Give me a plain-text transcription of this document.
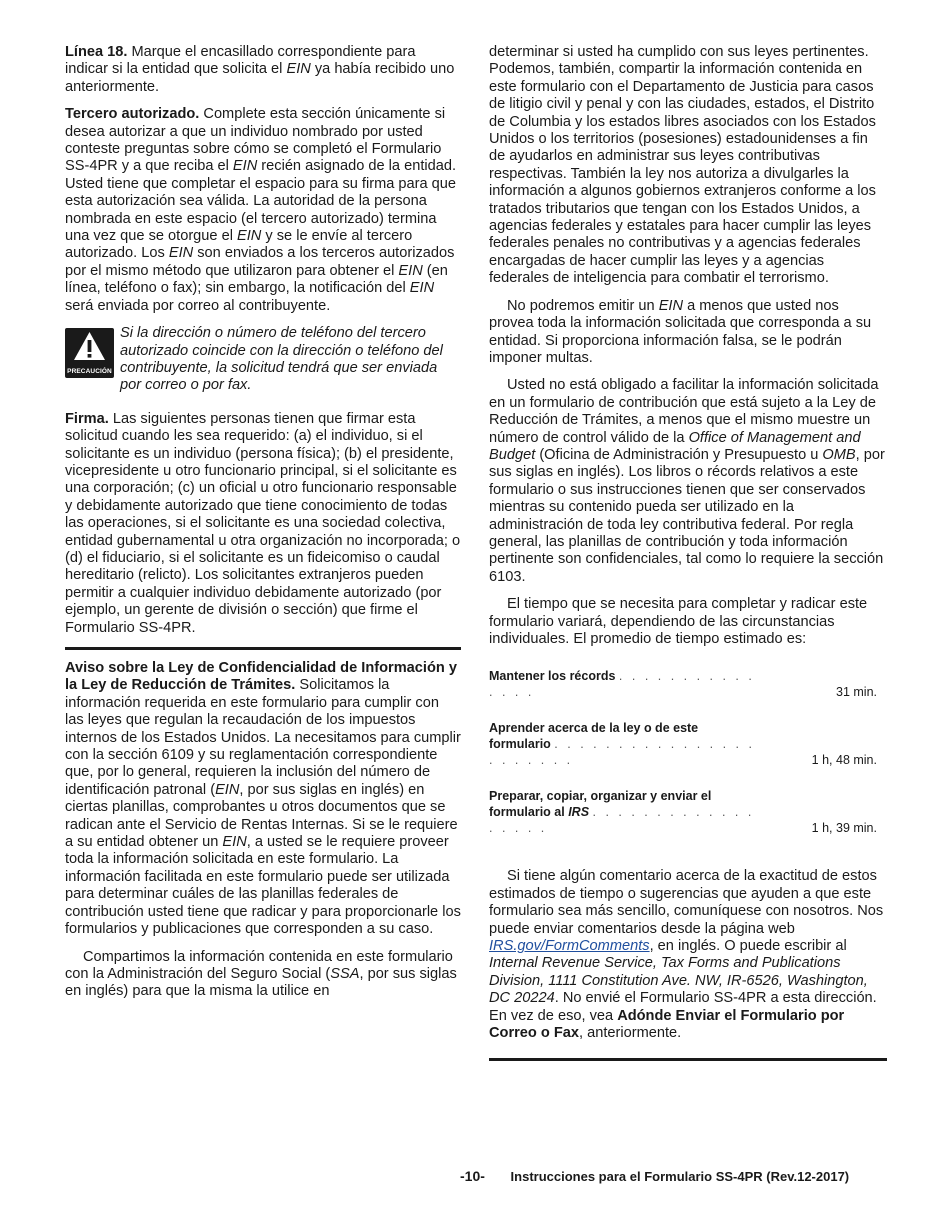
Línea 18. Marque el encasillado correspondiente para indicar si la entidad que solicita el EIN ya había recibido uno anteriormente.

Tercero autorizado. Complete esta sección únicamente si desea autorizar a que un individuo nombrado por usted conteste preguntas sobre cómo se completó el Formulario SS-4PR y a que reciba el EIN recién asignado de la entidad. Usted tiene que completar el espacio para su firma para que esta autorización sea válida. La autoridad de la persona nombrada en este espacio (el tercero autorizado) termina una vez que se otorgue el EIN y se le envíe al tercero autorizado. Los EIN son enviados a los terceros autorizados por el mismo método que utilizaron para obtener el EIN (en línea, teléfono o fax); sin embargo, la notificación del EIN será enviada por correo al contribuyente.

PRECAUCIÓN
Si la dirección o número de teléfono del tercero autorizado coincide con la dirección o teléfono del contribuyente, la solicitud tendrá que ser enviada por correo o por fax.

Firma. Las siguientes personas tienen que firmar esta solicitud cuando les sea requerido: (a) el individuo, si el solicitante es un individuo (persona física); (b) el presidente, vicepresidente u otro funcionario principal, si el solicitante es una corporación; (c) un oficial u otro funcionario responsable y debidamente autorizado que tiene conocimiento de todas las operaciones, si el solicitante es una sociedad colectiva, entidad gubernamental u otra organización no incorporada; o (d) el fiduciario, si el solicitante es un fideicomiso o caudal hereditario (relicto). Los solicitantes extranjeros pueden permitir a cualquier individuo debidamente autorizado (por ejemplo, un gerente de división o sección) que firme el Formulario SS-4PR.

Aviso sobre la Ley de Confidencialidad de Información y la Ley de Reducción de Trámites. Solicitamos la información requerida en este formulario para cumplir con las leyes que regulan la recaudación de los impuestos internos de los Estados Unidos. La necesitamos para cumplir con la sección 6109 y su reglamentación correspondiente que, por lo general, requieren la inclusión del número de identificación patronal (EIN, por sus siglas en inglés) en ciertas planillas, comprobantes u otros documentos que se radican ante el Servicio de Rentas Internas. Si se le requiere a su entidad obtener un EIN, a usted se le requiere proveer toda la información solicitada en este formulario. La información facilitada en este formulario puede ser utilizada para determinar cuáles de las planillas federales de contribución usted tiene que radicar y para proporcionarle los formularios y publicaciones que corresponden a su caso.

Compartimos la información contenida en este formulario con la Administración del Seguro Social (SSA, por sus siglas en inglés) para que la misma la utilice en

determinar si usted ha cumplido con sus leyes pertinentes. Podemos, también, compartir la información contenida en este formulario con el Departamento de Justicia para casos de litigio civil y penal y con las ciudades, estados, el Distrito de Columbia y los estados libres asociados con los Estados Unidos o los territorios (posesiones) estadounidenses a fin de ayudarlos en administrar sus leyes contributivas respectivas. También la ley nos autoriza a divulgarles la información a algunos gobiernos extranjeros conforme a los tratados tributarios que tengan con los Estados Unidos, a agencias federales y estatales para hacer cumplir las leyes federales penales no contributivas y a agencias federales encargadas de hacer cumplir las leyes y a agencias federales de inteligencia para combatir el terrorismo.

No podremos emitir un EIN a menos que usted nos provea toda la información solicitada que corresponda a su entidad. Si proporciona información falsa, se le podrán imponer multas.

Usted no está obligado a facilitar la información solicitada en un formulario de contribución que está sujeto a la Ley de Reducción de Trámites, a menos que el mismo muestre un número de control válido de la Office of Management and Budget (Oficina de Administración y Presupuesto u OMB, por sus siglas en inglés). Los libros o récords relativos a este formulario o sus instrucciones tienen que ser conservados mientras su contenido pueda ser utilizado en la administración de toda ley contributiva federal. Por regla general, las planillas de contribución y toda información pertinente son confidenciales, tal como lo requiere la sección 6103.

El tiempo que se necesita para completar y radicar este formulario variará, dependiendo de las circunstancias individuales. El promedio de tiempo estimado es:

Mantener los récords . . . . . . . . . . . . . . .	31 min.
Aprender acerca de la ley o de este
formulario . . . . . . . . . . . . . . . . . . . . . . .	1 h, 48 min.
Preparar, copiar, organizar y enviar el
formulario al IRS . . . . . . . . . . . . . . . . . .	1 h, 39 min.

Si tiene algún comentario acerca de la exactitud de estos estimados de tiempo o sugerencias que ayuden a que este formulario sea más sencillo, comuníquese con nosotros. Nos puede enviar comentarios desde la página web IRS.gov/FormComments, en inglés. O puede escribir al Internal Revenue Service, Tax Forms and Publications Division, 1111 Constitution Ave. NW, IR-6526, Washington, DC 20224. No envié el Formulario SS-4PR a esta dirección. En vez de eso, vea Adónde Enviar el Formulario por Correo o Fax, anteriormente.

-10- Instrucciones para el Formulario SS-4PR (Rev.12-2017)
